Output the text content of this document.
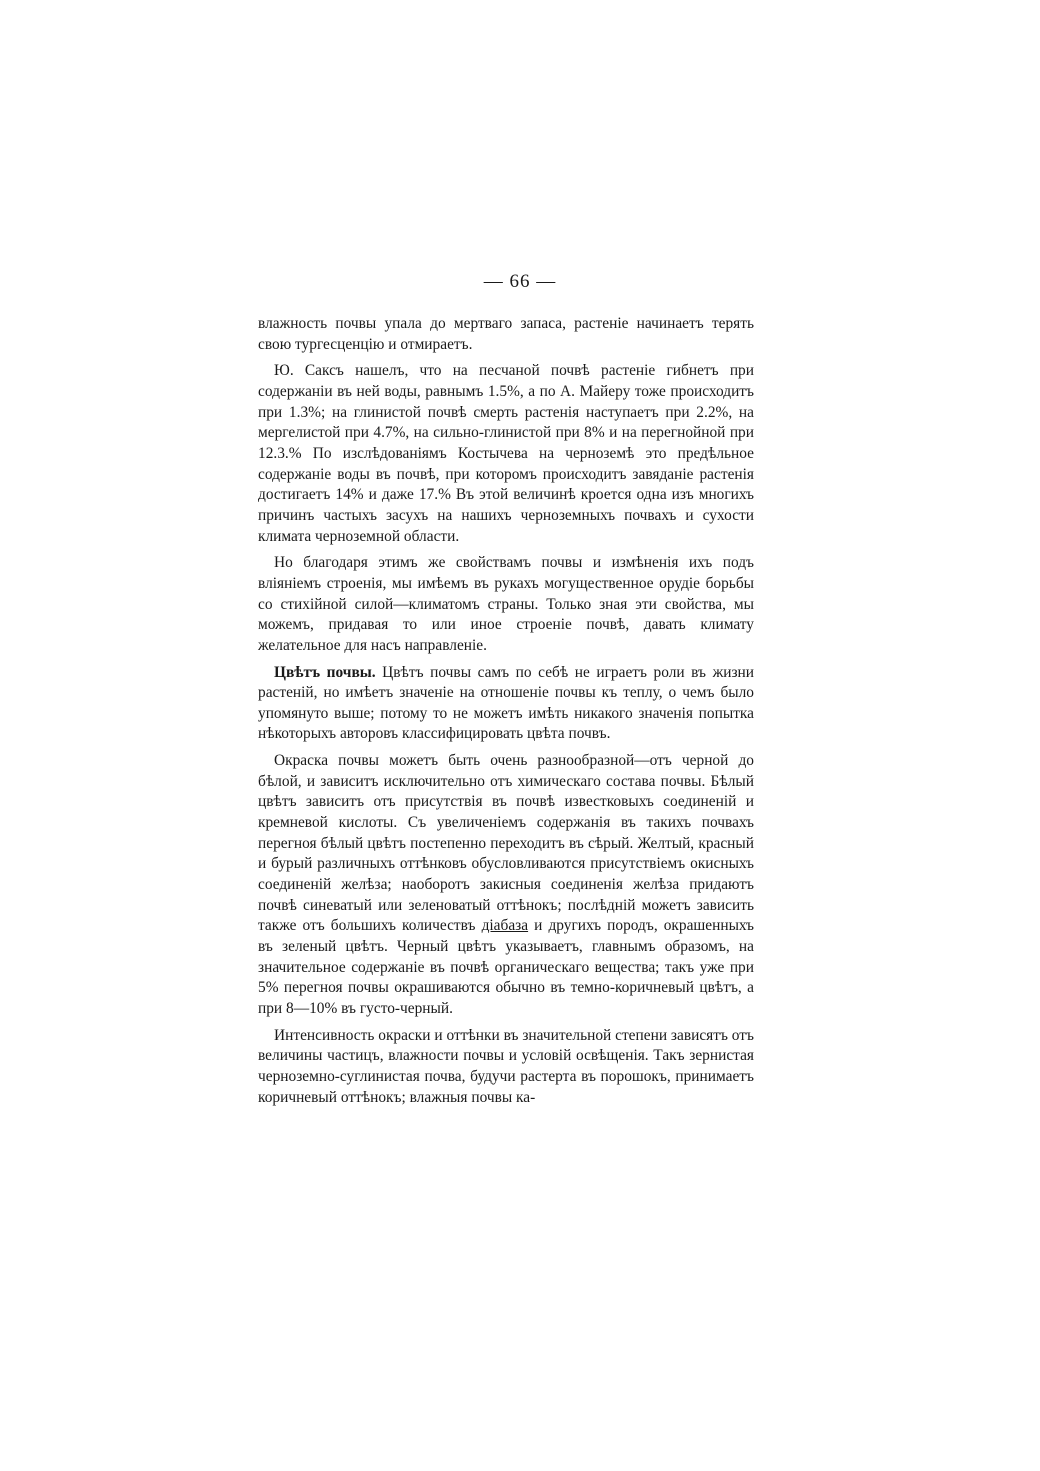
— 66 —

влажность почвы упала до мертваго запаса, растеніе начинаетъ терять свою тургесценцію и отмираетъ.

Ю. Саксъ нашелъ, что на песчаной почвѣ растеніе гибнетъ при содержаніи въ ней воды, равнымъ 1.5%, а по А. Майеру тоже происходитъ при 1.3%; на глинистой почвѣ смерть растенія наступаетъ при 2.2%, на мергелистой при 4.7%, на сильно-глинистой при 8% и на перегнойной при 12.3.% По изслѣдованіямъ Костычева на черноземѣ это предѣльное содержаніе воды въ почвѣ, при которомъ происходитъ завяданіе растенія достигаетъ 14% и даже 17.% Въ этой величинѣ кроется одна изъ многихъ причинъ частыхъ засухъ на нашихъ черноземныхъ почвахъ и сухости климата черноземной области.

Но благодаря этимъ же свойствамъ почвы и измѣненія ихъ подъ вліяніемъ строенія, мы имѣемъ въ рукахъ могущественное орудіе борьбы со стихійной силой—климатомъ страны. Только зная эти свойства, мы можемъ, придавая то или иное строеніе почвѣ, давать климату желательное для насъ направленіе.

Цвѣтъ почвы. Цвѣтъ почвы самъ по себѣ не играетъ роли въ жизни растеній, но имѣетъ значеніе на отношеніе почвы къ теплу, о чемъ было упомянуто выше; потому то не можетъ имѣть никакого значенія попытка нѣкоторыхъ авторовъ классифицировать цвѣта почвъ.

Окраска почвы можетъ быть очень разнообразной—отъ черной до бѣлой, и зависитъ исключительно отъ химическаго состава почвы. Бѣлый цвѣтъ зависитъ отъ присутствія въ почвѣ известковыхъ соединеній и кремневой кислоты. Съ увеличеніемъ содержанія въ такихъ почвахъ перегноя бѣлый цвѣтъ постепенно переходитъ въ сѣрый. Желтый, красный и бурый различныхъ оттѣнковъ обусловливаются присутствіемъ окисныхъ соединеній желѣза; наоборотъ закисныя соединенія желѣза придаютъ почвѣ синеватый или зеленоватый оттѣнокъ; послѣдній можетъ зависить также отъ большихъ количествъ діабаза и другихъ породъ, окрашенныхъ въ зеленый цвѣтъ. Черный цвѣтъ указываетъ, главнымъ образомъ, на значительное содержаніе въ почвѣ органическаго вещества; такъ уже при 5% перегноя почвы окрашиваются обычно въ темно-коричневый цвѣтъ, а при 8—10% въ густо-черный.

Интенсивность окраски и оттѣнки въ значительной степени зависятъ отъ величины частицъ, влажности почвы и условій освѣщенія. Такъ зернистая черноземно-суглинистая почва, будучи растерта въ порошокъ, принимаетъ коричневый оттѣнокъ; влажныя почвы ка-
